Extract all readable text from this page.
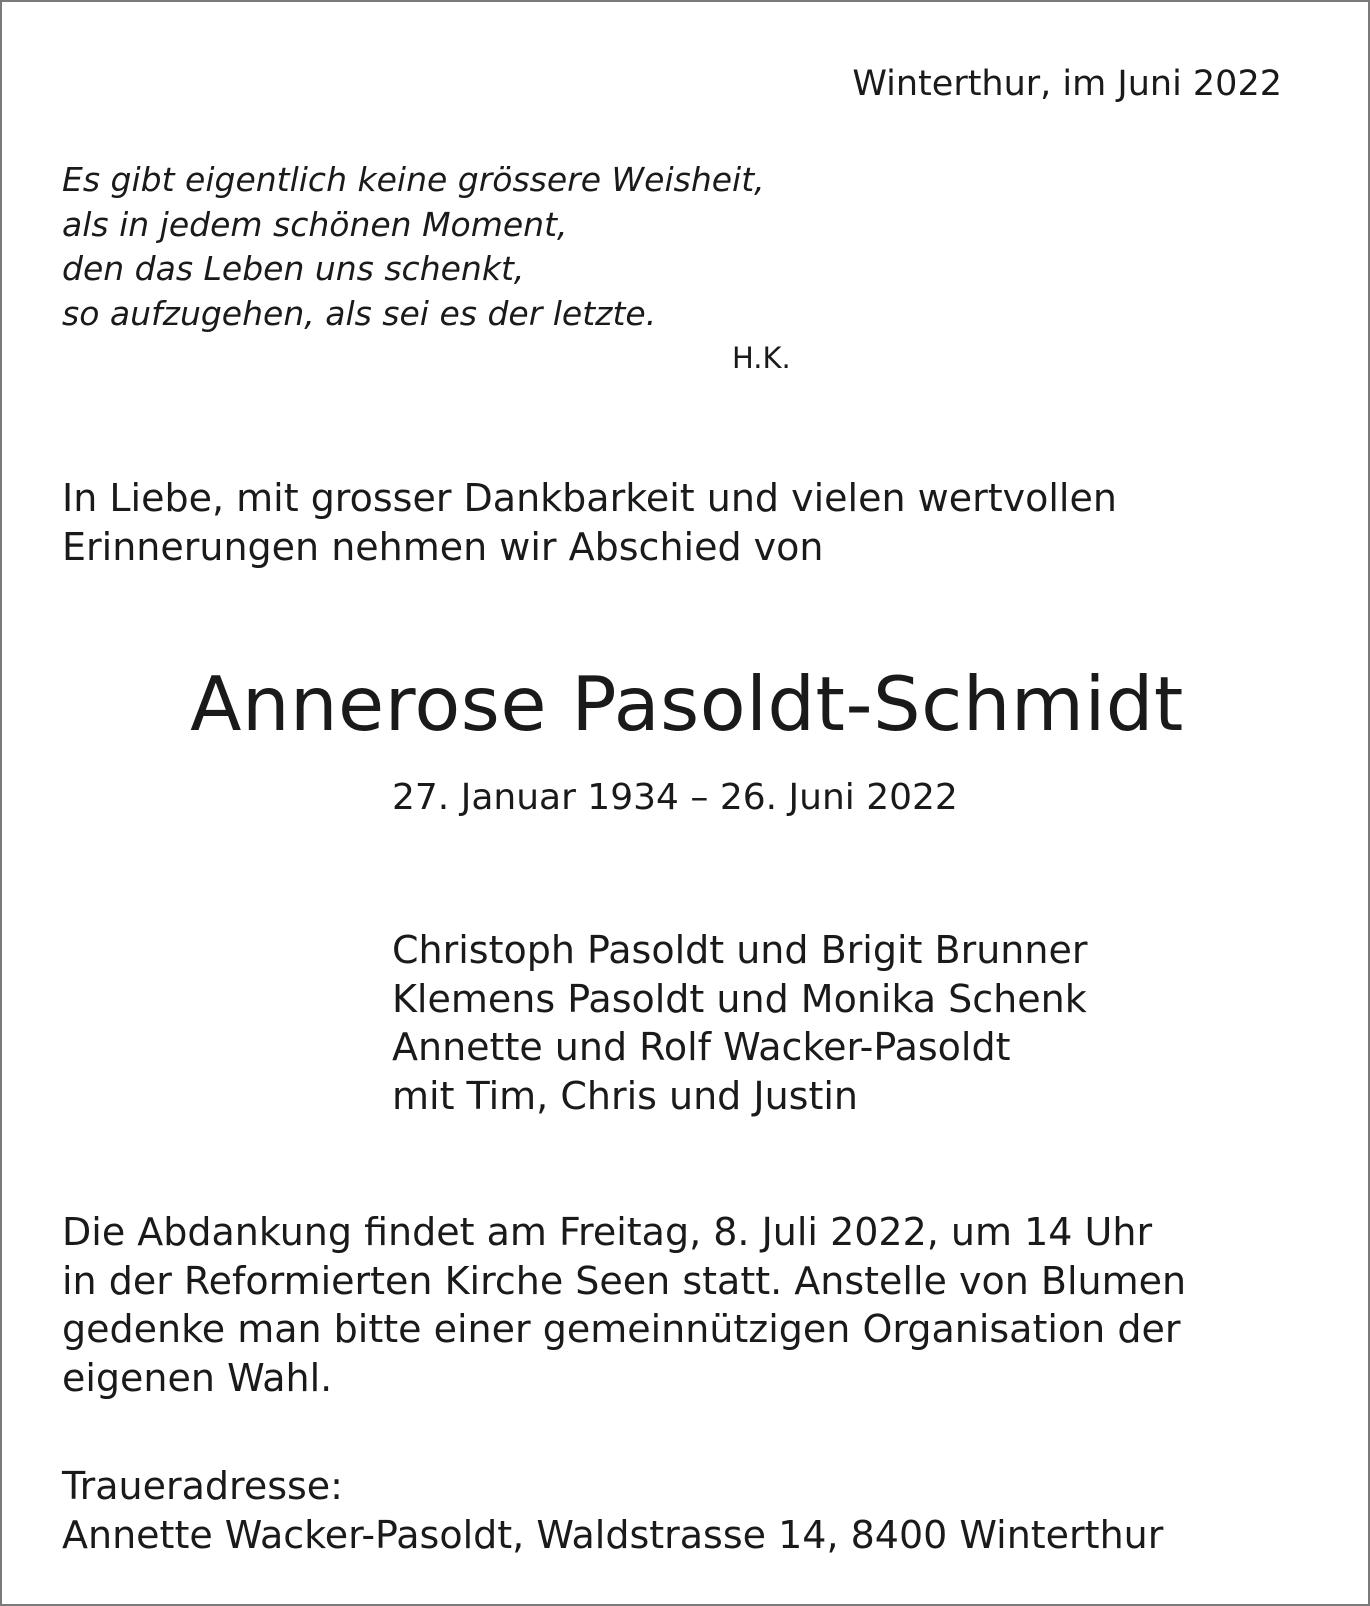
Winterthur, im Juni 2022
Es gibt eigentlich keine grössere Weisheit,
als in jedem schönen Moment,
den das Leben uns schenkt,
so aufzugehen, als sei es der letzte.
H.K.
In Liebe, mit grosser Dankbarkeit und vielen wertvollen
Erinnerungen nehmen wir Abschied von
Annerose Pasoldt-Schmidt
27. Januar 1934 – 26. Juni 2022
Christoph Pasoldt und Brigit Brunner
Klemens Pasoldt und Monika Schenk
Annette und Rolf Wacker-Pasoldt
mit Tim, Chris und Justin
Die Abdankung findet am Freitag, 8. Juli 2022, um 14 Uhr
in der Reformierten Kirche Seen statt. Anstelle von Blumen
gedenke man bitte einer gemeinnützigen Organisation der
eigenen Wahl.
Traueradresse:
Annette Wacker-Pasoldt, Waldstrasse 14, 8400 Winterthur
